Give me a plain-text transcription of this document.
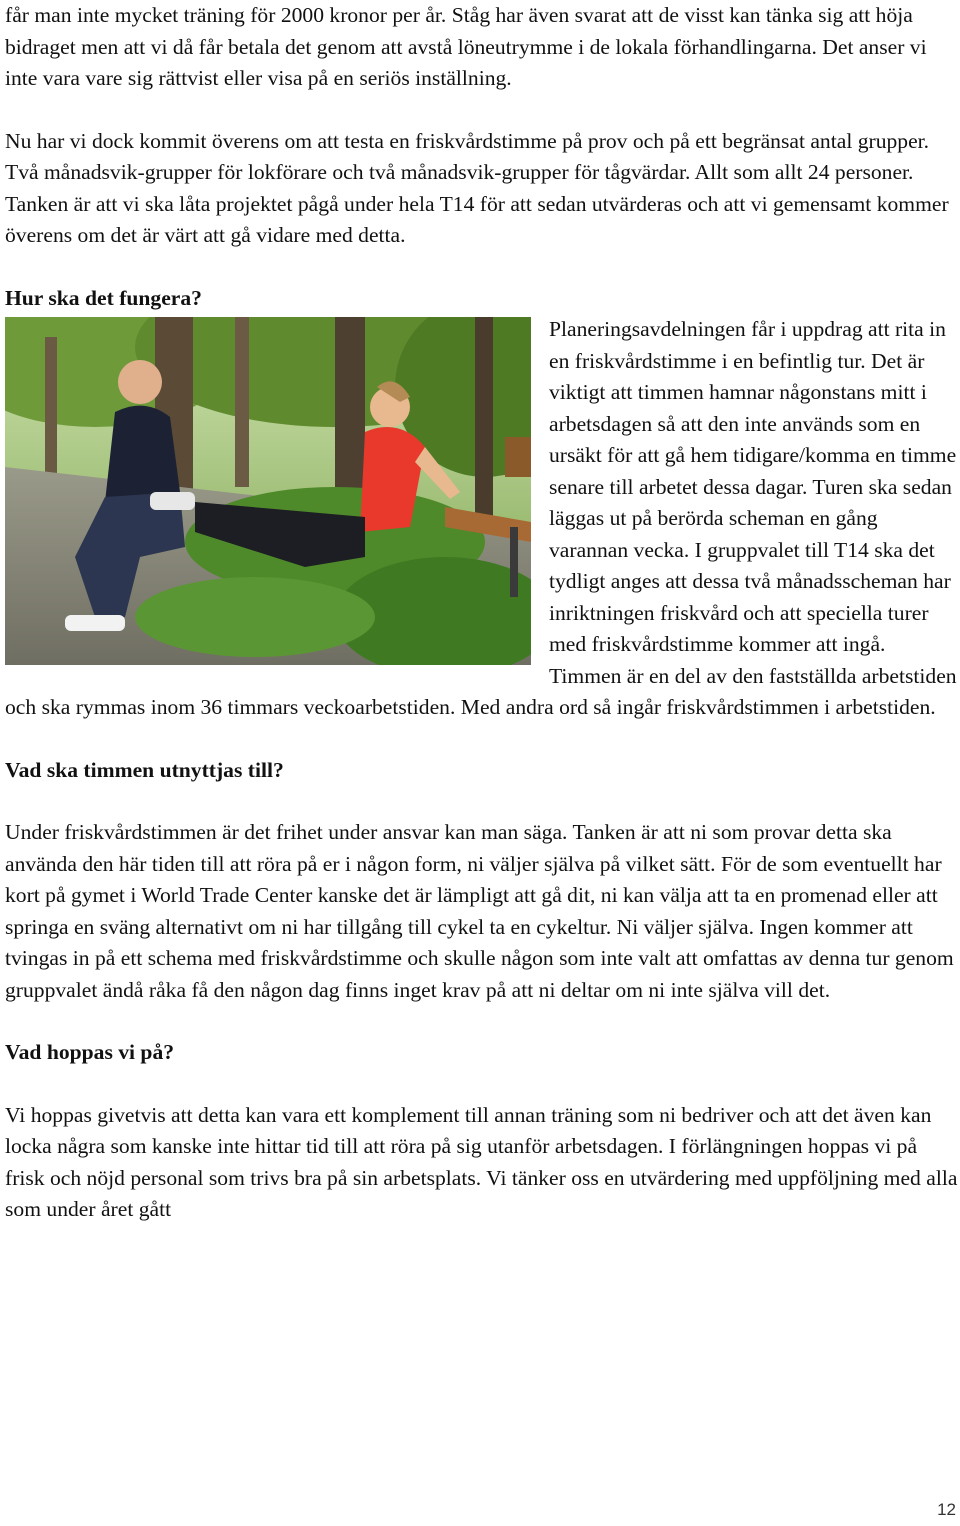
får man inte mycket träning för 2000 kronor per år. Ståg har även svarat att de visst kan tänka sig att höja bidraget men att vi då får betala det genom att avstå löneutrymme i de lokala förhandlingarna. Det anser vi inte vara vare sig rättvist eller visa på en seriös inställning.

Nu har vi dock kommit överens om att testa en friskvårdstimme på prov och på ett begränsat antal grupper. Två månadsvik-grupper för lokförare och två månadsvik-grupper för tågvärdar. Allt som allt 24 personer. Tanken är att vi ska låta projektet pågå under hela T14 för att sedan utvärderas och att vi gemensamt kommer överens om det är värt att gå vidare med detta.

Hur ska det fungera?

Planeringsavdelningen får i uppdrag att rita in en friskvårdstimme i en befintlig tur. Det är viktigt att timmen hamnar någonstans mitt i arbetsdagen så att den inte används som en ursäkt för att gå hem tidigare/komma en timme senare till arbetet dessa dagar. Turen ska sedan läggas ut på berörda scheman en gång varannan vecka. I gruppvalet till T14 ska det tydligt anges att dessa två månadsscheman har inriktningen friskvård och att speciella turer med friskvårdstimme kommer att ingå. Timmen är en del av den fastställda arbetstiden och ska rymmas inom 36 timmars veckoarbetstiden. Med andra ord så ingår friskvårdstimmen i arbetstiden.

Vad ska timmen utnyttjas till?

Under friskvårdstimmen är det frihet under ansvar kan man säga. Tanken är att ni som provar detta ska använda den här tiden till att röra på er i någon form, ni väljer själva på vilket sätt. För de som eventuellt har kort på gymet i World Trade Center kanske det är lämpligt att gå dit, ni kan välja att ta en promenad eller att springa en sväng alternativt om ni har tillgång till cykel ta en cykeltur. Ni väljer själva. Ingen kommer att tvingas in på ett schema med friskvårdstimme och skulle någon som inte valt att omfattas av denna tur genom gruppvalet ändå råka få den någon dag finns inget krav på att ni deltar om ni inte själva vill det.

Vad hoppas vi på?

Vi hoppas givetvis att detta kan vara ett komplement till annan träning som ni bedriver och att det även kan locka några som kanske inte hittar tid till att röra på sig utanför arbetsdagen. I förlängningen hoppas vi på frisk och nöjd personal som trivs bra på sin arbetsplats. Vi tänker oss en utvärdering med uppföljning med alla som under året gått

12
